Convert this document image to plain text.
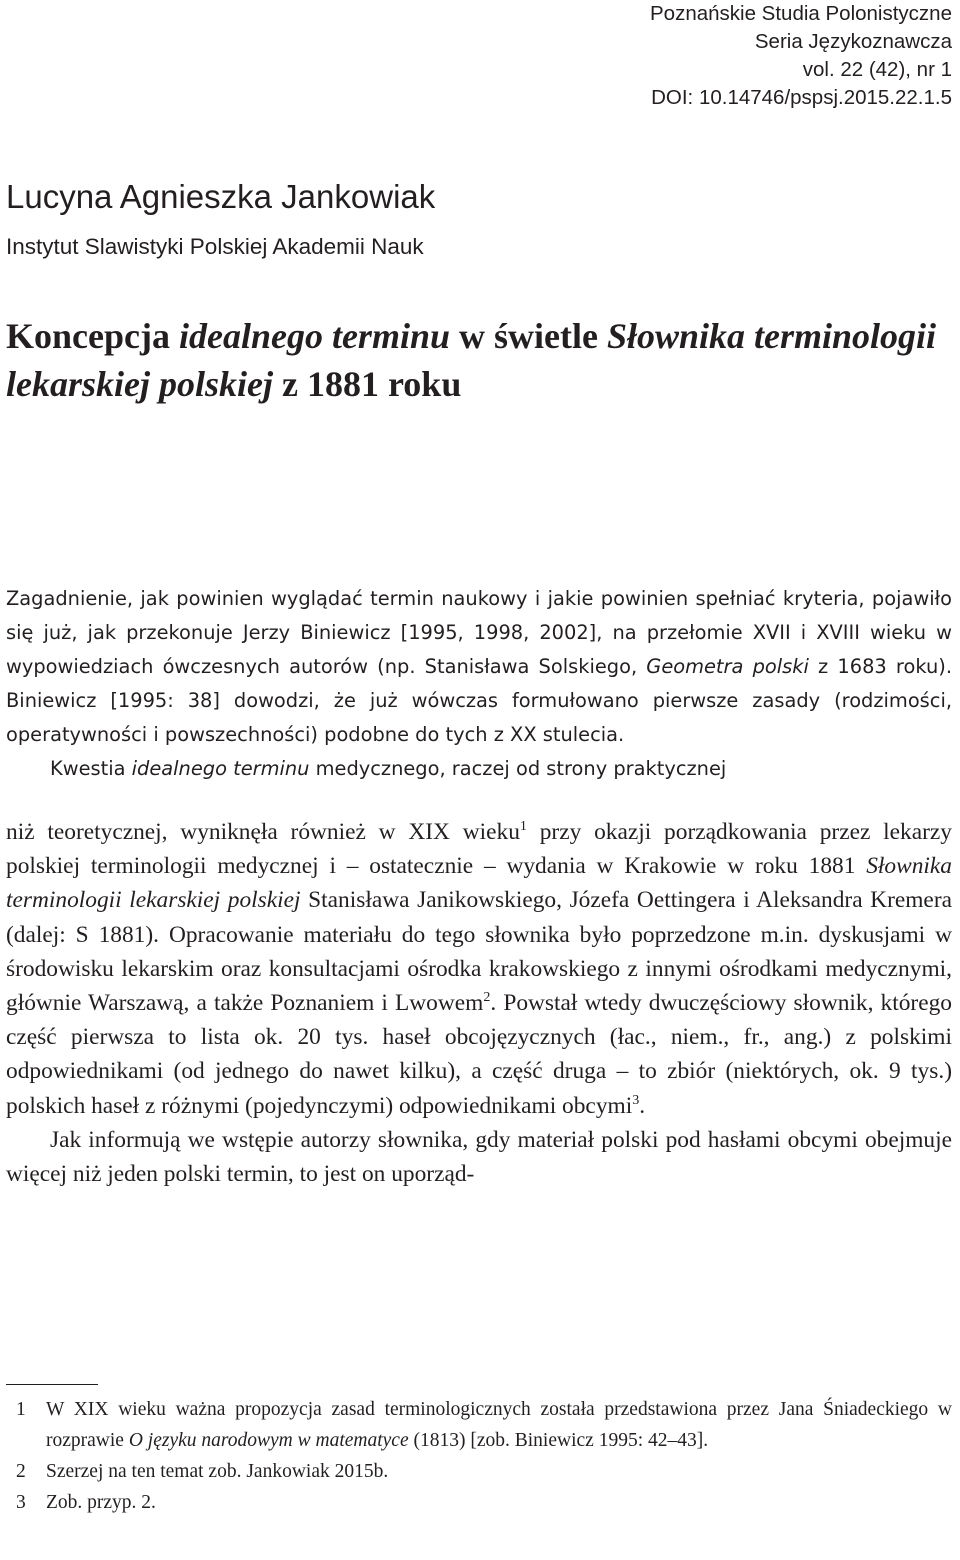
Poznańskie Studia Polonistyczne
Seria Językoznawcza
vol. 22 (42), nr 1
DOI: 10.14746/pspsj.2015.22.1.5
Lucyna Agnieszka Jankowiak
Instytut Slawistyki Polskiej Akademii Nauk
Koncepcja idealnego terminu w świetle Słownika terminologii lekarskiej polskiej z 1881 roku

Zagadnienie, jak powinien wyglądać termin naukowy i jakie powinien spełniać kryteria, pojawiło się już, jak przekonuje Jerzy Biniewicz [1995, 1998, 2002], na przełomie XVII i XVIII wieku w wypowiedziach ówczesnych autorów (np. Stanisława Solskiego, Geometra polski z 1683 roku). Biniewicz [1995: 38] dowodzi, że już wówczas formułowano pierwsze zasady (rodzimości, operatywności i powszechności) podobne do tych z XX stulecia.

Kwestia idealnego terminu medycznego, raczej od strony praktycznej

niż teoretycznej, wyniknęła również w XIX wieku$^1$ przy okazji porządkowania przez lekarzy polskiej terminologii medycznej i – ostatecznie – wydania w Krakowie w roku 1881 Słownika terminologii lekarskiej polskiej Stanisława Janikowskiego, Józefa Oettingera i Aleksandra Kremera (dalej: S 1881). Opracowanie materiału do tego słownika było poprzedzone m.in. dyskusjami w środowisku lekarskim oraz konsultacjami ośrodka krakowskiego z innymi ośrodkami medycznymi, głównie Warszawą, a także Poznaniem i Lwowem$^2$. Powstał wtedy dwuczęściowy słownik, którego część pierwsza to lista ok. 20 tys. haseł obcojęzycznych (łac., niem., fr., ang.) z polskimi odpowiednikami (od jednego do nawet kilku), a część druga – to zbiór (niektórych, ok. 9 tys.) polskich haseł z różnymi (pojedynczymi) odpowiednikami obcymi$^3$.

Jak informują we wstępie autorzy słownika, gdy materiał polski pod hasłami obcymi obejmuje więcej niż jeden polski termin, to jest on uporząd-

1	W XIX wieku ważna propozycja zasad terminologicznych została przedstawiona przez Jana Śniadeckiego w rozprawie O języku narodowym w matematyce (1813) [zob. Biniewicz 1995: 42–43].
2	Szerzej na ten temat zob. Jankowiak 2015b.
3	Zob. przyp. 2.
